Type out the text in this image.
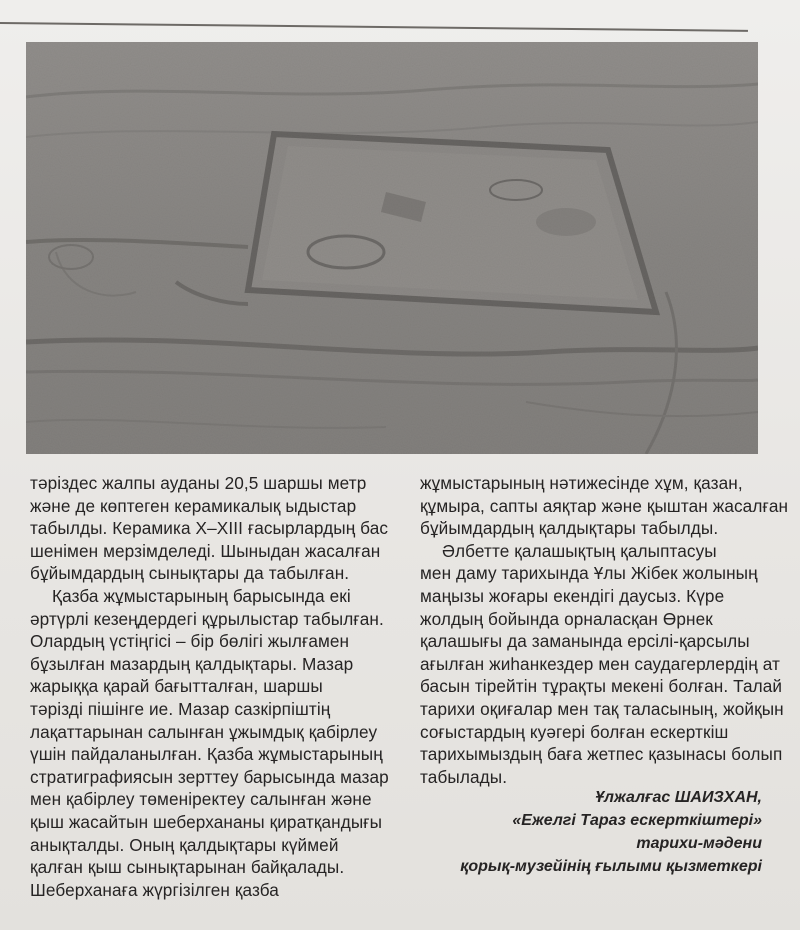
тәріздес жалпы ауданы 20,5 шаршы метр
және де көптеген керамикалық ыдыстар
табылды. Керамика X–XIII ғасырлардың бас
шенімен мерзімделеді. Шыныдан жасалған
бұйымдардың сынықтары да табылған.
Қазба жұмыстарының барысында екі
әртүрлі кезеңдердегі құрылыстар табылған.
Олардың үстіңгісі – бір бөлігі жылғамен
бұзылған мазардың қалдықтары. Мазар
жарыққа қарай бағытталған, шаршы
тәрізді пішінге ие. Мазар сазкірпіштің
лақаттарынан салынған ұжымдық қабірлеу
үшін пайдаланылған. Қазба жұмыстарының
стратиграфиясын зерттеу барысында мазар
мен қабірлеу төменіректеу салынған және
қыш жасайтын шеберхананы қиратқандығы
анықталды. Оның қалдықтары күймей
қалған қыш сынықтарынан байқалады.
Шеберханаға жүргізілген қазба
жұмыстарының нәтижесінде хұм, қазан,
құмыра, сапты аяқтар және қыштан жасалған
бұйымдардың қалдықтары табылды.
Әлбетте қалашықтың қалыптасуы
мен даму тарихында Ұлы Жібек жолының
маңызы жоғары екендігі даусыз. Күре
жолдың бойында орналасқан Өрнек
қалашығы да заманында ерсілі-қарсылы
ағылған жиһанкездер мен саудагерлердің ат
басын тірейтін тұрақты мекені болған. Талай
тарихи оқиғалар мен тақ таласының, жойқын
соғыстардың куәгері болған ескерткіш
тарихымыздың баға жетпес қазынасы болып
табылады.
Ұлжалғас ШАИЗХАН,
«Ежелгі Тараз ескерткіштері»
тарихи-мәдени
қорық-музейінің ғылыми қызметкері
